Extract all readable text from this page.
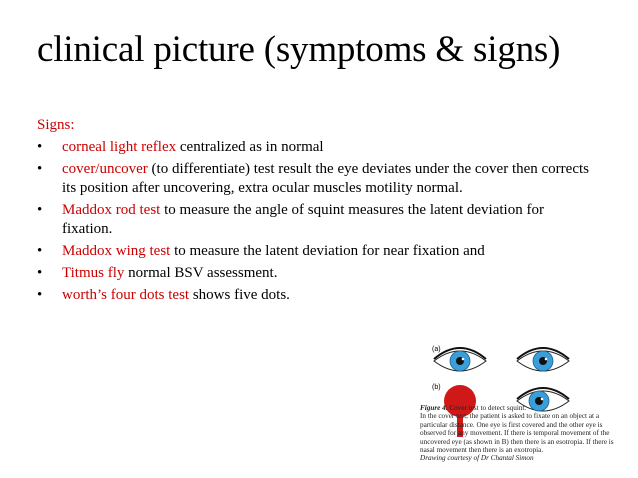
clinical picture (symptoms & signs)
Signs:
• corneal light reflex centralized as in normal
• cover/uncover (to differentiate) test result the eye deviates under the cover then corrects its position after uncovering, extra ocular muscles motility normal.
• Maddox rod test to measure the angle of squint measures the latent deviation for fixation.
• Maddox wing test to measure the latent deviation for near fixation and
• Titmus fly normal BSV assessment.
• worth’s four dots test shows five dots.
(a)
(b)
Figure 4. Cover test to detect squint.
In the cover test, the patient is asked to fixate on an object at a particular distance. One eye is first covered and the other eye is observed for any movement. If there is temporal movement of the uncovered eye (as shown in B) then there is an esotropia. If there is nasal movement then there is an exotropia.
Drawing courtesy of Dr Chantal Simon
